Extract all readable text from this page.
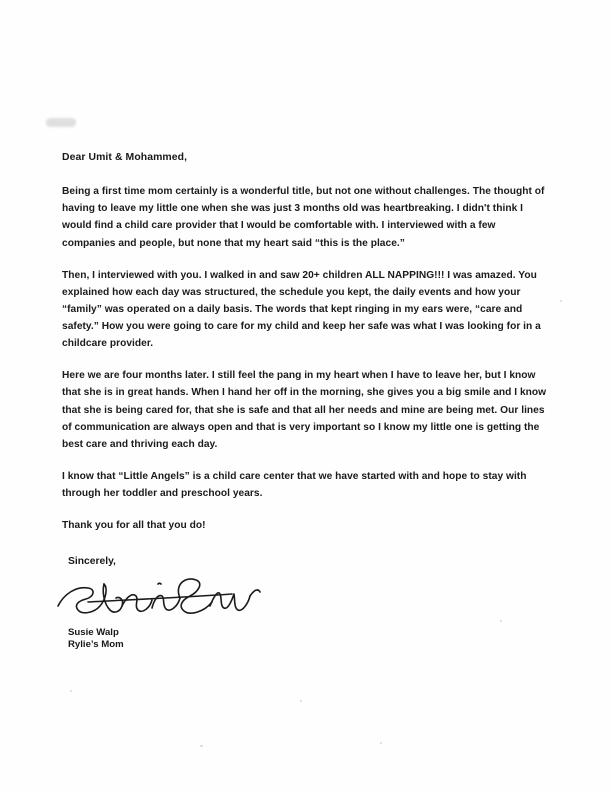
Dear Umit & Mohammed,

Being a first time mom certainly is a wonderful title, but not one without challenges. The thought of having to leave my little one when she was just 3 months old was heartbreaking. I didn't think I would find a child care provider that I would be comfortable with. I interviewed with a few companies and people, but none that my heart said “this is the place.”

Then, I interviewed with you. I walked in and saw 20+ children ALL NAPPING!!! I was amazed. You explained how each day was structured, the schedule you kept, the daily events and how your “family” was operated on a daily basis. The words that kept ringing in my ears were, “care and safety.” How you were going to care for my child and keep her safe was what I was looking for in a childcare provider.

Here we are four months later. I still feel the pang in my heart when I have to leave her, but I know that she is in great hands. When I hand her off in the morning, she gives you a big smile and I know that she is being cared for, that she is safe and that all her needs and mine are being met. Our lines of communication are always open and that is very important so I know my little one is getting the best care and thriving each day.

I know that “Little Angels” is a child care center that we have started with and hope to stay with through her toddler and preschool years.

Thank you for all that you do!

Sincerely,

Susie Walp
Rylie’s Mom
